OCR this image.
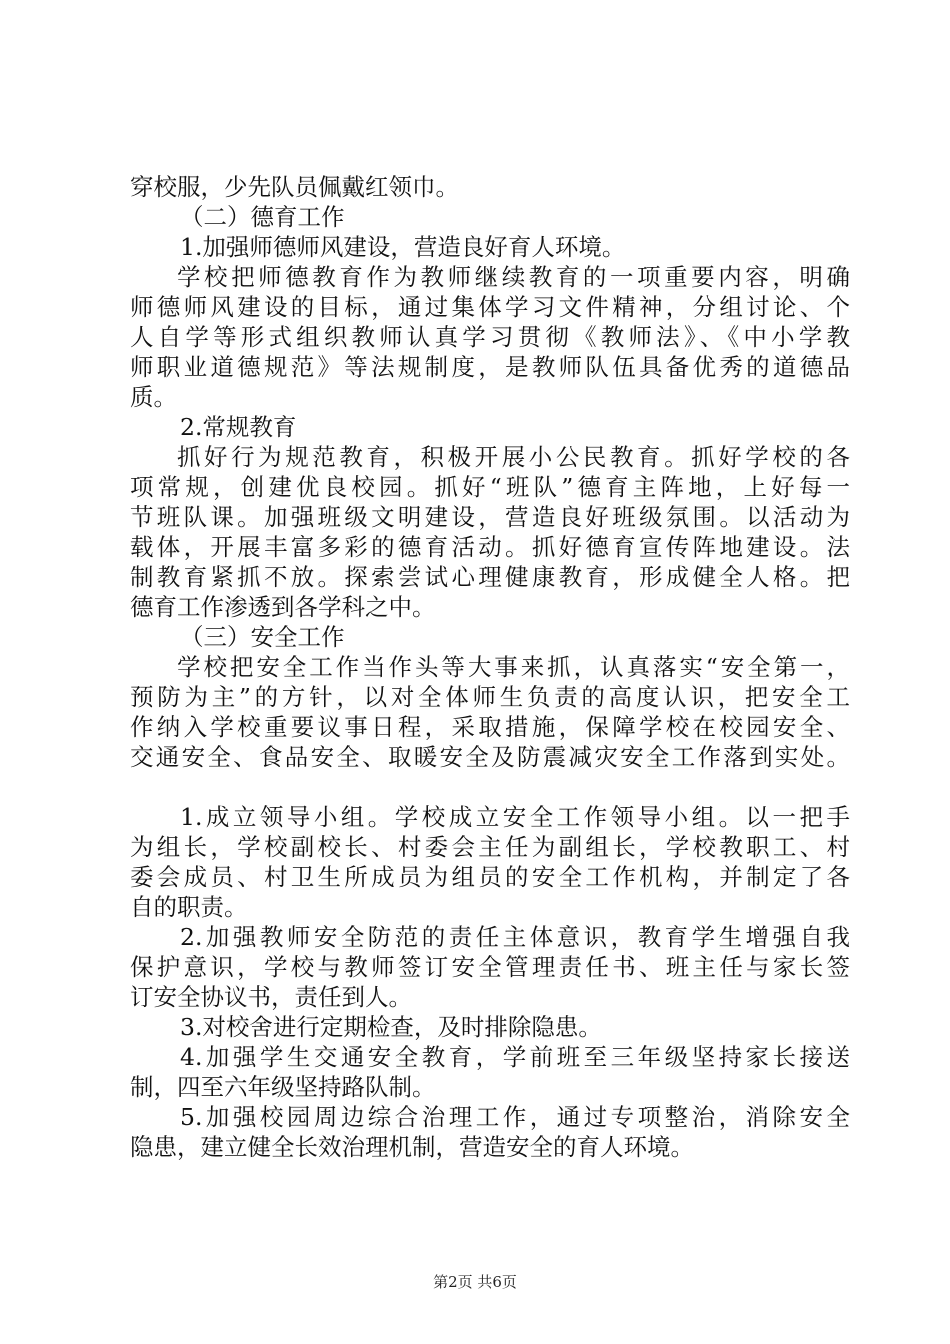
穿校服，少先队员佩戴红领巾。
（二）德育工作
1.加强师德师风建设，营造良好育人环境。
学校把师德教育作为教师继续教育的一项重要内容，明确
师德师风建设的目标，通过集体学习文件精神，分组讨论、个
人自学等形式组织教师认真学习贯彻《教师法》、《中小学教
师职业道德规范》等法规制度，是教师队伍具备优秀的道德品
质。
2.常规教育
抓好行为规范教育，积极开展小公民教育。抓好学校的各
项常规，创建优良校园。抓好“班队”德育主阵地，上好每一
节班队课。加强班级文明建设，营造良好班级氛围。以活动为
载体，开展丰富多彩的德育活动。抓好德育宣传阵地建设。法
制教育紧抓不放。探索尝试心理健康教育，形成健全人格。把
德育工作渗透到各学科之中。
（三）安全工作
学校把安全工作当作头等大事来抓，认真落实“安全第一，
预防为主”的方针，以对全体师生负责的高度认识，把安全工
作纳入学校重要议事日程，采取措施，保障学校在校园安全、
交通安全、食品安全、取暖安全及防震减灾安全工作落到实处。
1.成立领导小组。学校成立安全工作领导小组。以一把手
为组长，学校副校长、村委会主任为副组长，学校教职工、村
委会成员、村卫生所成员为组员的安全工作机构，并制定了各
自的职责。
2.加强教师安全防范的责任主体意识，教育学生增强自我
保护意识，学校与教师签订安全管理责任书、班主任与家长签
订安全协议书，责任到人。
3.对校舍进行定期检查，及时排除隐患。
4.加强学生交通安全教育，学前班至三年级坚持家长接送
制，四至六年级坚持路队制。
5.加强校园周边综合治理工作，通过专项整治，消除安全
隐患，建立健全长效治理机制，营造安全的育人环境。
第2页 共6页
